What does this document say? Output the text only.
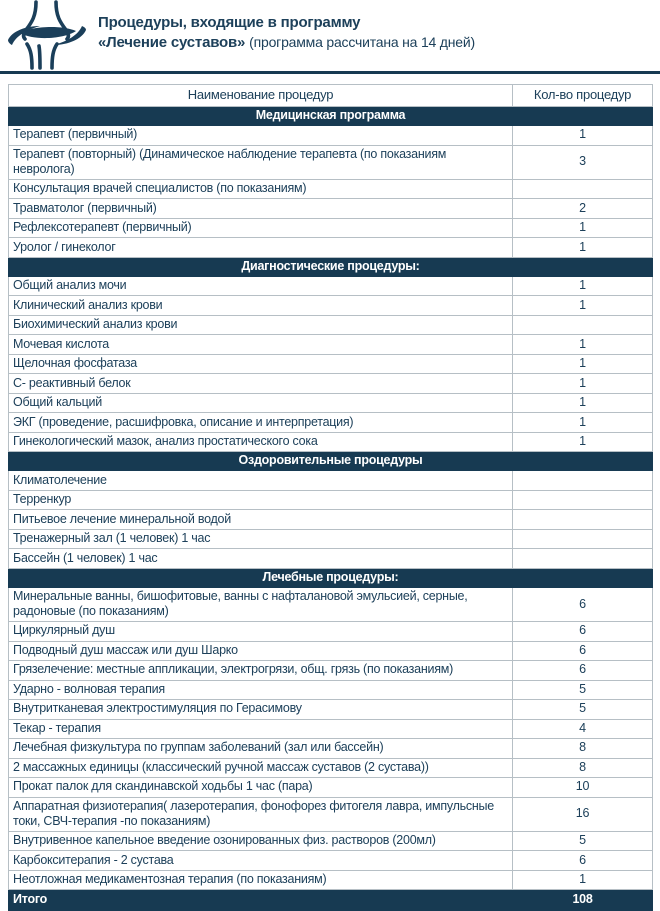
Процедуры, входящие в программу
«Лечение суставов» (программа рассчитана на 14 дней)
Наименование процедур	Кол-во процедур
Медицинская программа	
Терапевт (первичный)	1
Терапевт (повторный) (Динамическое наблюдение терапевта (по показаниям невролога)	3
Консультация врачей специалистов (по показаниям)	
Травматолог (первичный)	2
Рефлексотерапевт (первичный)	1
Уролог / гинеколог	1
Диагностические процедуры:	
Общий анализ мочи	1
Клинический анализ крови	1
Биохимический анализ крови	
Мочевая кислота	1
Щелочная фосфатаза	1
С- реактивный белок	1
Общий кальций	1
ЭКГ (проведение, расшифровка, описание и интерпретация)	1
Гинекологический мазок, анализ простатического сока	1
Оздоровительные процедуры	
Климатолечение	
Терренкур	
Питьевое лечение минеральной водой	
Тренажерный зал (1 человек) 1 час	
Бассейн (1 человек) 1 час	
Лечебные процедуры:	
Минеральные ванны, бишофитовые, ванны с нафталановой эмульсией, серные, радоновые (по показаниям)	6
Циркулярный душ	6
Подводный душ массаж или душ Шарко	6
Грязелечение: местные аппликации, электрогрязи, общ. грязь (по показаниям)	6
Ударно - волновая терапия	5
Внутритканевая электростимуляция по Герасимову	5
Текар - терапия	4
Лечебная физкультура по группам заболеваний (зал или бассейн)	8
2 массажных единицы (классический ручной массаж суставов (2 сустава))	8
Прокат палок для скандинавской ходьбы 1 час (пара)	10
Аппаратная физиотерапия( лазеротерапия, фонофорез фитогеля лавра, импульсные токи, СВЧ-терапия -по показаниям)	16
Внутривенное капельное введение озонированных физ. растворов (200мл)	5
Карбокситерапия - 2 сустава	6
Неотложная медикаментозная терапия (по показаниям)	1
Итого	108
